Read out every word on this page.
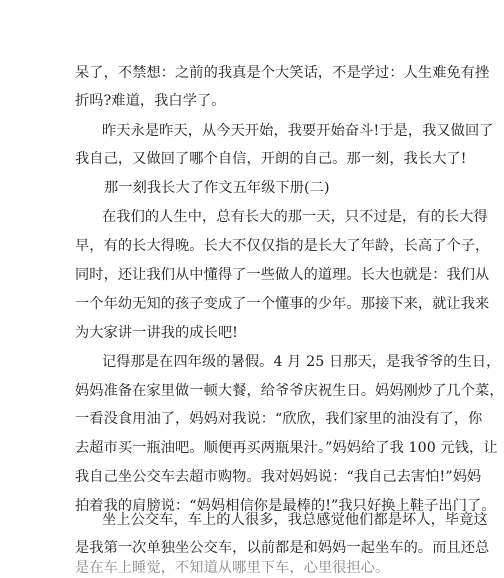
呆了，不禁想：之前的我真是个大笑话，不是学过：人生难免有挫
折吗?难道，我白学了。
昨天永是昨天，从今天开始，我要开始奋斗!于是，我又做回了
我自己，又做回了哪个自信，开朗的自己。那一刻，我长大了!
那一刻我长大了作文五年级下册(二)
在我们的人生中，总有长大的那一天，只不过是，有的长大得
早，有的长大得晚。长大不仅仅指的是长大了年龄，长高了个子，
同时，还让我们从中懂得了一些做人的道理。长大也就是：我们从
一个年幼无知的孩子变成了一个懂事的少年。那接下来，就让我来
为大家讲一讲我的成长吧!
记得那是在四年级的暑假。4 月 25 日那天，是我爷爷的生日，
妈妈准备在家里做一顿大餐，给爷爷庆祝生日。妈妈刚炒了几个菜，
一看没食用油了，妈妈对我说：“欣欣，我们家里的油没有了，你
去超市买一瓶油吧。顺便再买两瓶果汁。”妈妈给了我 100 元钱，让
我自己坐公交车去超市购物。我对妈妈说：“我自己去害怕!”妈妈
拍着我的肩膀说：“妈妈相信你是最棒的!”我只好换上鞋子出门了。
坐上公交车，车上的人很多，我总感觉他们都是坏人，毕竟这
是我第一次单独坐公交车，以前都是和妈妈一起坐车的。而且还总
是在车上睡觉，不知道从哪里下车，心里很担心。
